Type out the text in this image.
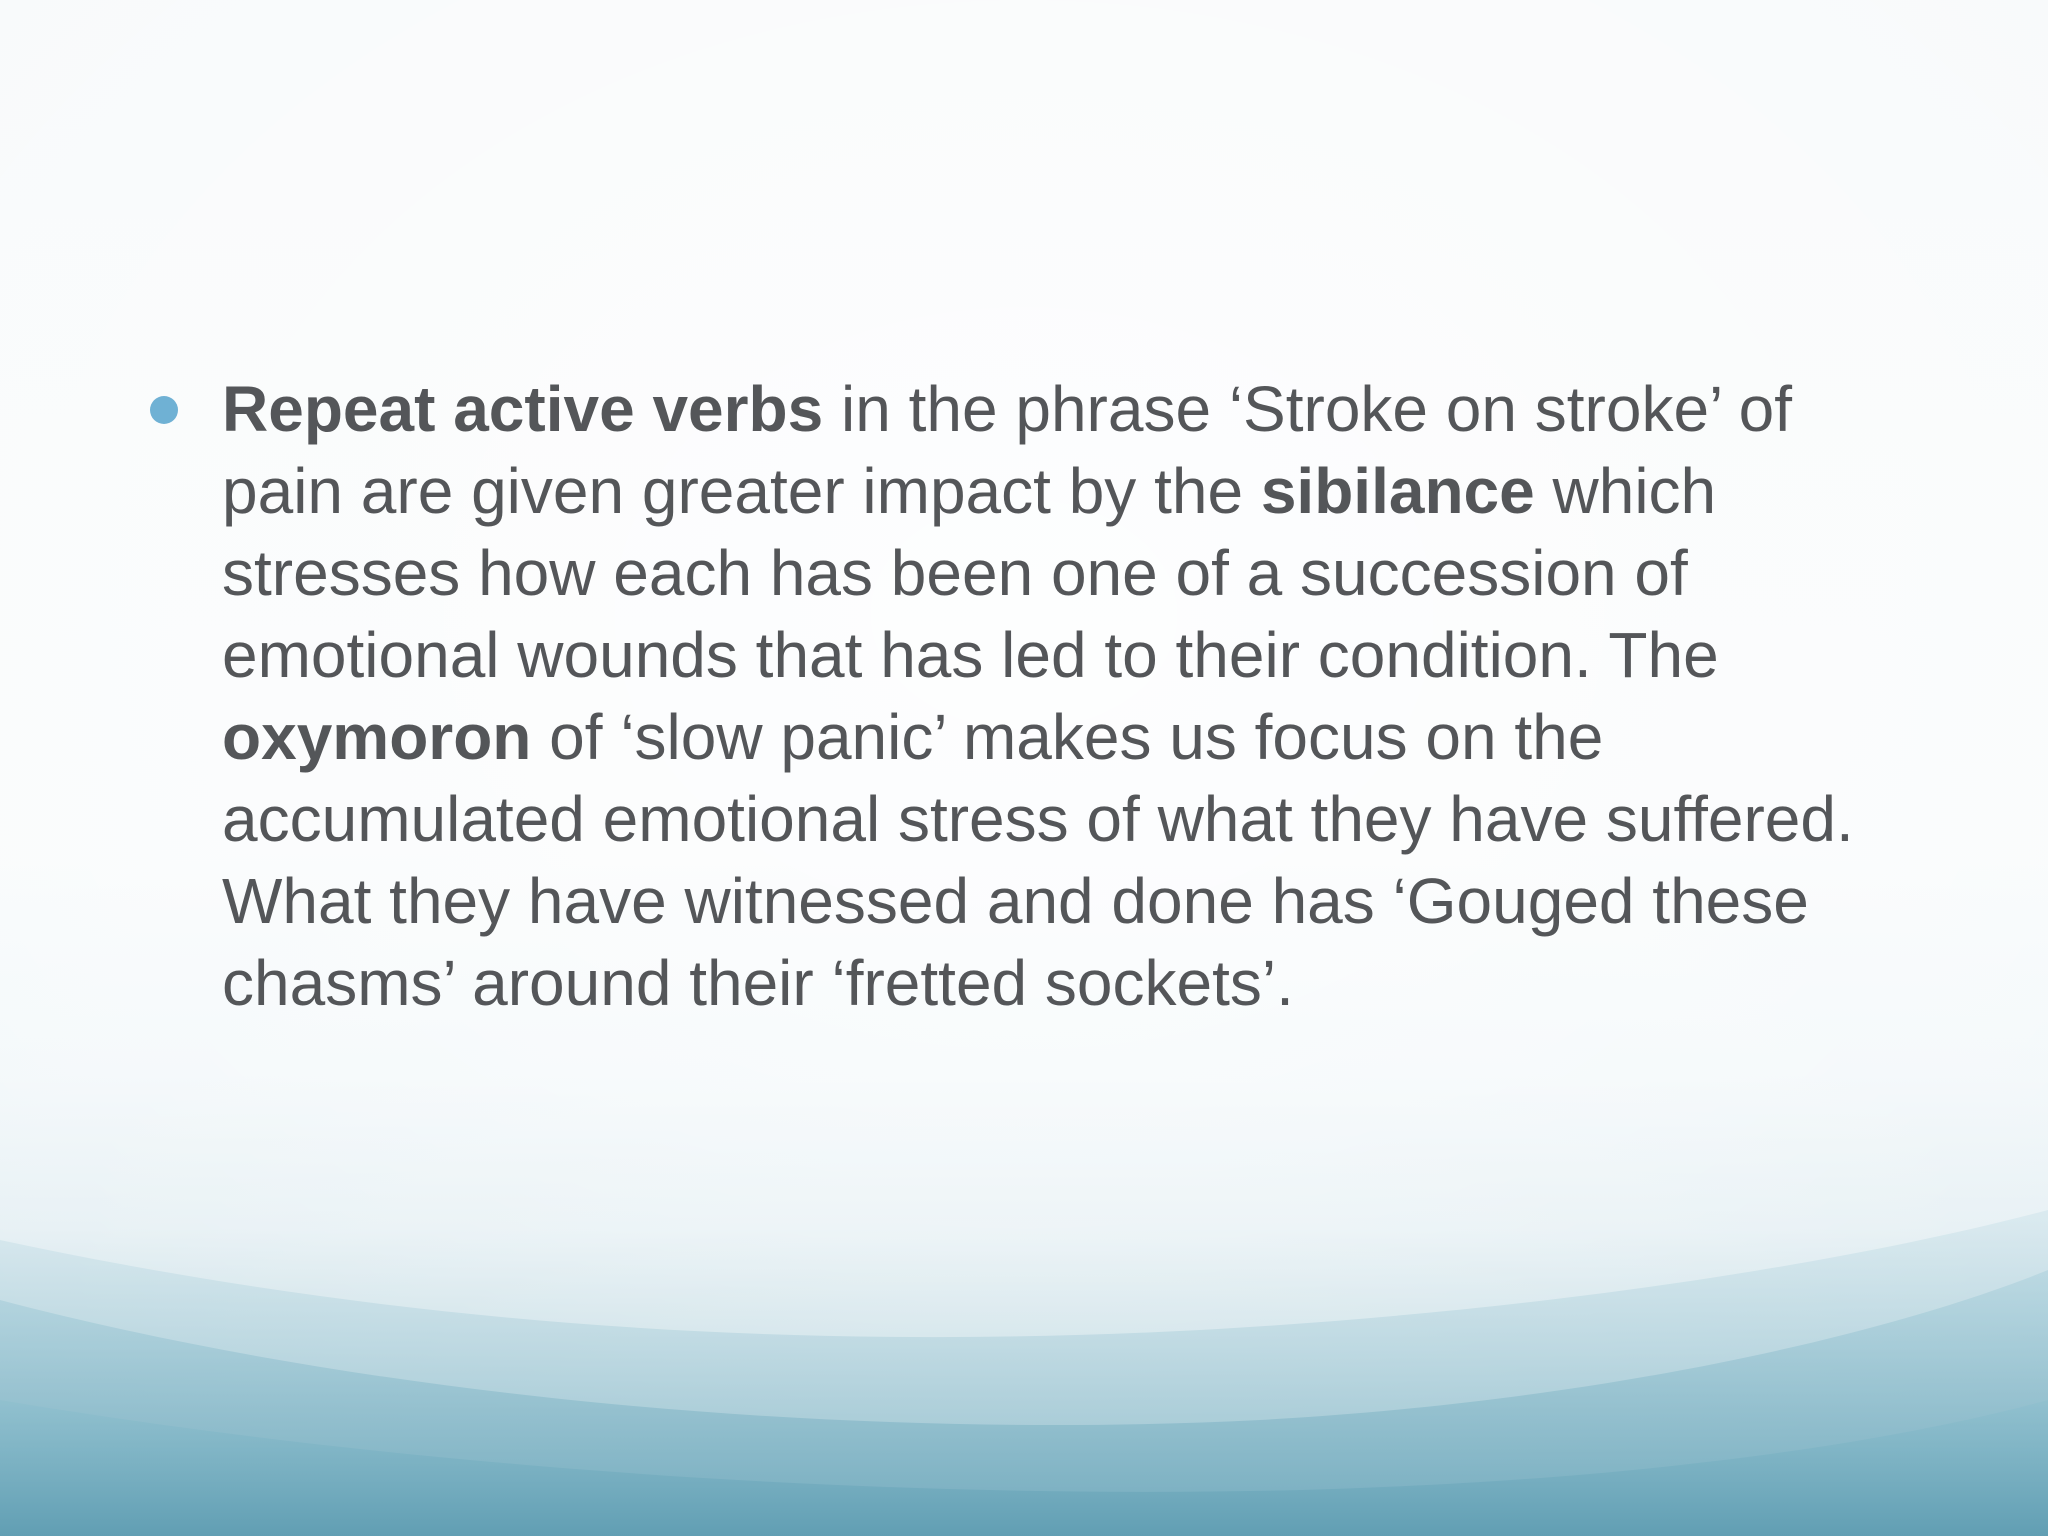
Repeat active verbs in the phrase ‘Stroke on stroke’ of pain are given greater impact by the sibilance which stresses how each has been one of a succession of emotional wounds that has led to their condition. The oxymoron of ‘slow panic’ makes us focus on the accumulated emotional stress of what they have suffered. What they have witnessed and done has ‘Gouged these chasms’ around their ‘fretted sockets’.
